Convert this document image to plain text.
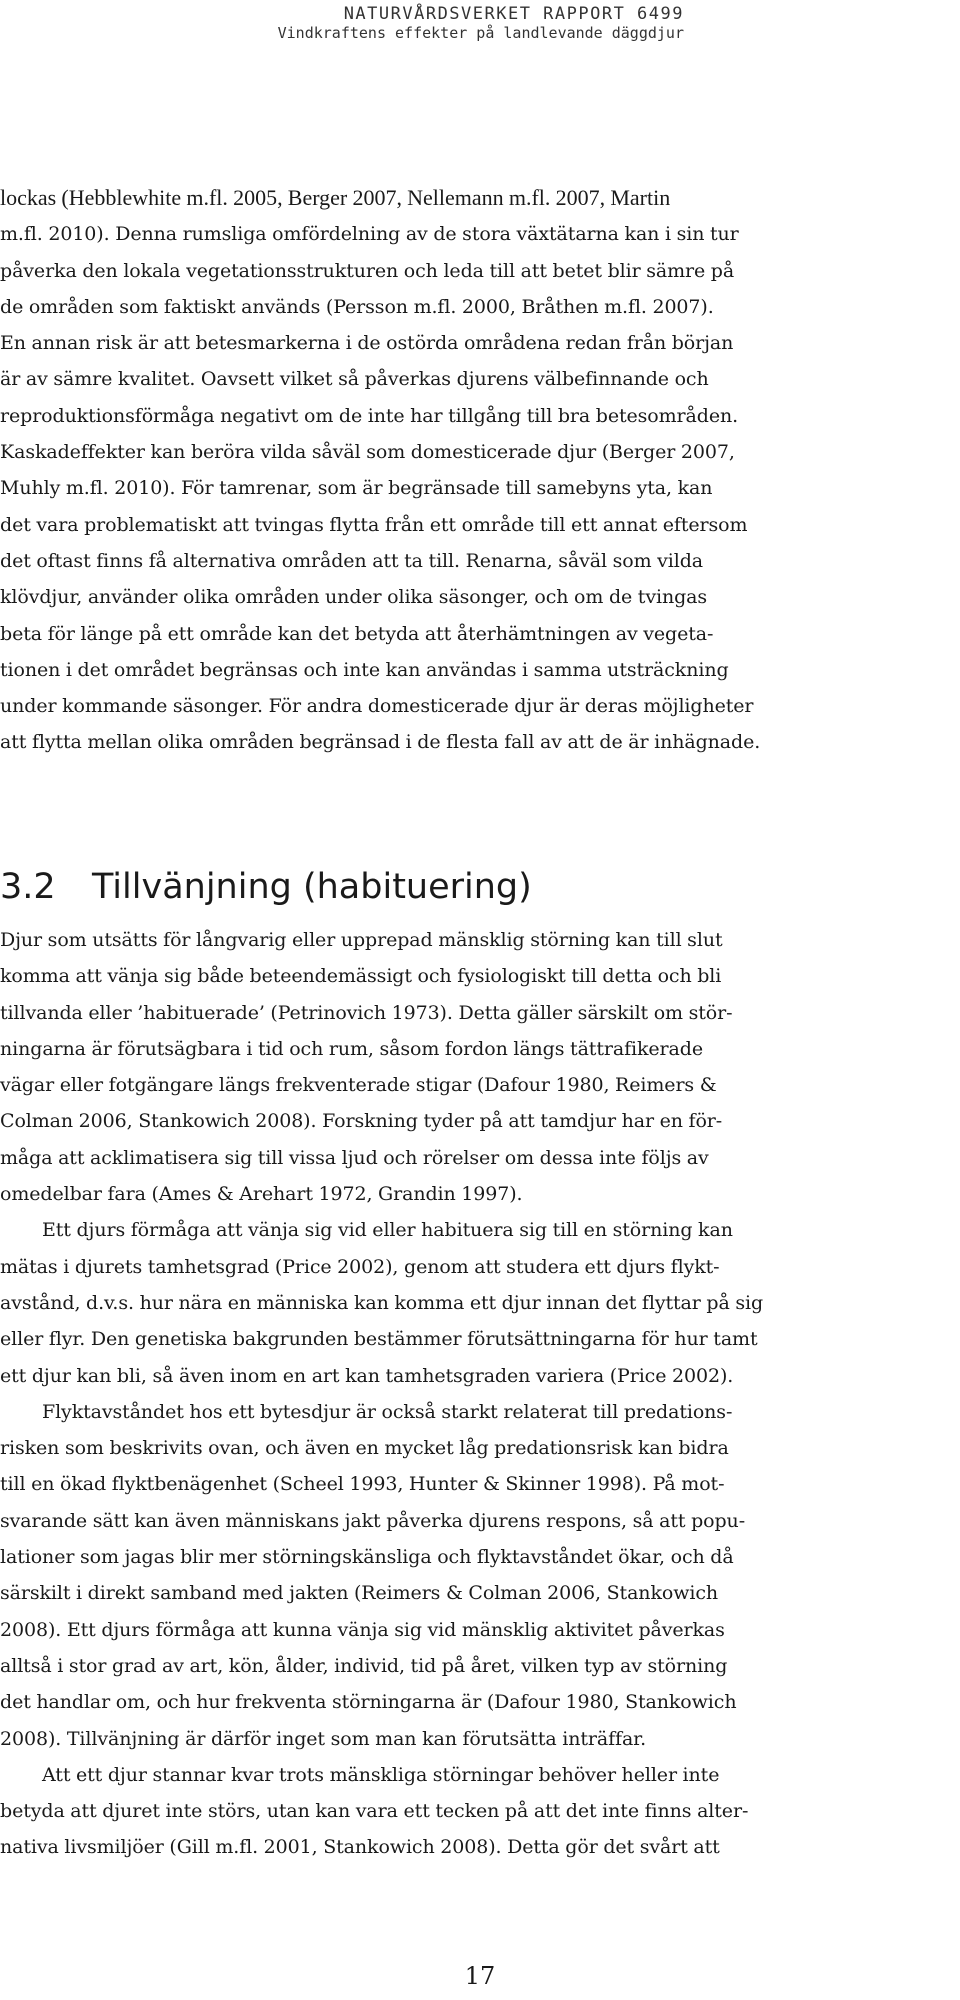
NATURVÅRDSVERKET RAPPORT 6499
Vindkraftens effekter på landlevande däggdjur

lockas (Hebblewhite m.fl. 2005, Berger 2007, Nellemann m.fl. 2007, Martin
m.fl. 2010). Denna rumsliga omfördelning av de stora växtätarna kan i sin tur
påverka den lokala vegetationsstrukturen och leda till att betet blir sämre på
de områden som faktiskt används (Persson m.fl. 2000, Bråthen m.fl. 2007).
En annan risk är att betesmarkerna i de ostörda områdena redan från början
är av sämre kvalitet. Oavsett vilket så påverkas djurens välbefinnande och
reproduktionsförmåga negativt om de inte har tillgång till bra betesområden.
Kaskadeffekter kan beröra vilda såväl som domesticerade djur (Berger 2007,
Muhly m.fl. 2010). För tamrenar, som är begränsade till samebyns yta, kan
det vara problematiskt att tvingas flytta från ett område till ett annat eftersom
det oftast finns få alternativa områden att ta till. Renarna, såväl som vilda
klövdjur, använder olika områden under olika säsonger, och om de tvingas
beta för länge på ett område kan det betyda att återhämtningen av vegeta-
tionen i det området begränsas och inte kan användas i samma utsträckning
under kommande säsonger. För andra domesticerade djur är deras möjligheter
att flytta mellan olika områden begränsad i de flesta fall av att de är inhägnade.

3.2 Tillvänjning (habituering)

Djur som utsätts för långvarig eller upprepad mänsklig störning kan till slut
komma att vänja sig både beteendemässigt och fysiologiskt till detta och bli
tillvanda eller ’habituerade’ (Petrinovich 1973). Detta gäller särskilt om stör-
ningarna är förutsägbara i tid och rum, såsom fordon längs tättrafikerade
vägar eller fotgängare längs frekventerade stigar (Dafour 1980, Reimers &
Colman 2006, Stankowich 2008). Forskning tyder på att tamdjur har en för-
måga att acklimatisera sig till vissa ljud och rörelser om dessa inte följs av
omedelbar fara (Ames & Arehart 1972, Grandin 1997).

Ett djurs förmåga att vänja sig vid eller habituera sig till en störning kan
mätas i djurets tamhetsgrad (Price 2002), genom att studera ett djurs flykt-
avstånd, d.v.s. hur nära en människa kan komma ett djur innan det flyttar på sig
eller flyr. Den genetiska bakgrunden bestämmer förutsättningarna för hur tamt
ett djur kan bli, så även inom en art kan tamhetsgraden variera (Price 2002).

Flyktavståndet hos ett bytesdjur är också starkt relaterat till predations-
risken som beskrivits ovan, och även en mycket låg predationsrisk kan bidra
till en ökad flyktbenägenhet (Scheel 1993, Hunter & Skinner 1998). På mot-
svarande sätt kan även människans jakt påverka djurens respons, så att popu-
lationer som jagas blir mer störningskänsliga och flyktavståndet ökar, och då
särskilt i direkt samband med jakten (Reimers & Colman 2006, Stankowich
2008). Ett djurs förmåga att kunna vänja sig vid mänsklig aktivitet påverkas
alltså i stor grad av art, kön, ålder, individ, tid på året, vilken typ av störning
det handlar om, och hur frekventa störningarna är (Dafour 1980, Stankowich
2008). Tillvänjning är därför inget som man kan förutsätta inträffar.

Att ett djur stannar kvar trots mänskliga störningar behöver heller inte
betyda att djuret inte störs, utan kan vara ett tecken på att det inte finns alter-
nativa livsmiljöer (Gill m.fl. 2001, Stankowich 2008). Detta gör det svårt att

17
